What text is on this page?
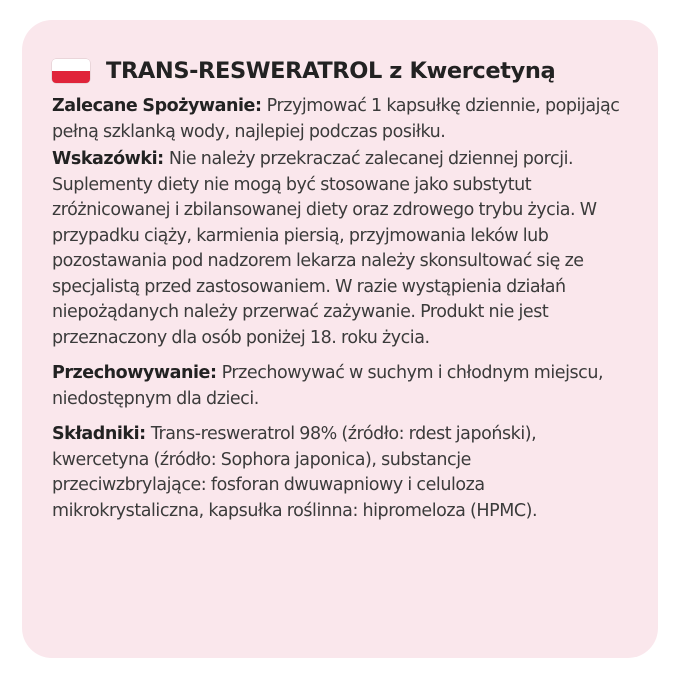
TRANS-RESWERATROL z Kwercetyną

Zalecane Spożywanie: Przyjmować 1 kapsułkę dziennie, popijając pełną szklanką wody, najlepiej podczas posiłku.

Wskazówki: Nie należy przekraczać zalecanej dziennej porcji. Suplementy diety nie mogą być stosowane jako substytut zróżnicowanej i zbilansowanej diety oraz zdrowego trybu życia. W przypadku ciąży, karmienia piersią, przyjmowania leków lub pozostawania pod nadzorem lekarza należy skonsultować się ze specjalistą przed zastosowaniem. W razie wystąpienia działań niepożądanych należy przerwać zażywanie. Produkt nie jest przeznaczony dla osób poniżej 18. roku życia.

Przechowywanie: Przechowywać w suchym i chłodnym miejscu, niedostępnym dla dzieci.

Składniki: Trans-resweratrol 98% (źródło: rdest japoński), kwercetyna (źródło: Sophora japonica), substancje przeciwzbrylające: fosforan dwuwapniowy i celuloza mikrokrystaliczna, kapsułka roślinna: hipromeloza (HPMC).
